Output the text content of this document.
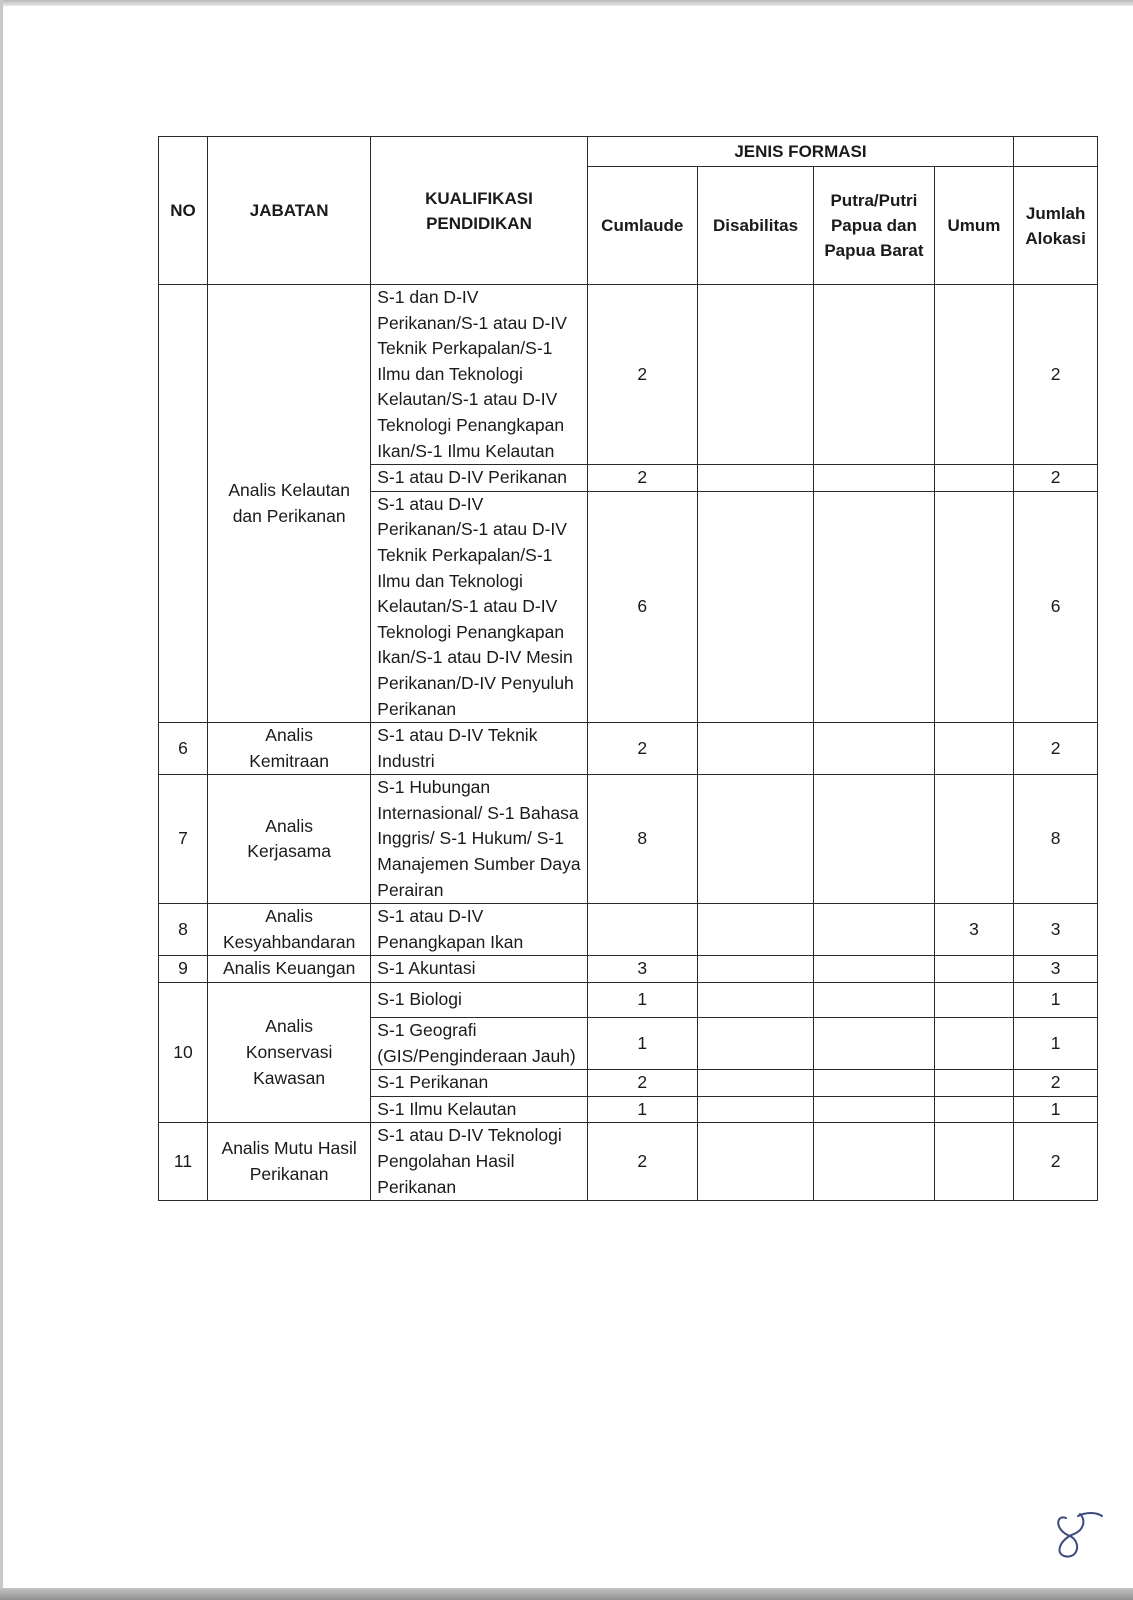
NO	JABATAN	KUALIFIKASI PENDIDIKAN	JENIS FORMASI				
			Cumlaude	Disabilitas	Putra/Putri Papua dan Papua Barat	Umum	Jumlah Alokasi
	Analis Kelautan dan Perikanan	S-1 dan D-IV Perikanan/S-1 atau D-IV Teknik Perkapalan/S-1 Ilmu dan Teknologi Kelautan/S-1 atau D-IV Teknologi Penangkapan Ikan/S-1 Ilmu Kelautan	2				2
		S-1 atau D-IV Perikanan	2				2
		S-1 atau D-IV Perikanan/S-1 atau D-IV Teknik Perkapalan/S-1 Ilmu dan Teknologi Kelautan/S-1 atau D-IV Teknologi Penangkapan Ikan/S-1 atau D-IV Mesin Perikanan/D-IV Penyuluh Perikanan	6				6
6	Analis Kemitraan	S-1 atau D-IV Teknik Industri	2				2
7	Analis Kerjasama	S-1 Hubungan Internasional/ S-1 Bahasa Inggris/ S-1 Hukum/ S-1 Manajemen Sumber Daya Perairan	8				8
8	Analis Kesyahbandaran	S-1 atau D-IV Penangkapan Ikan				3	3
9	Analis Keuangan	S-1 Akuntasi	3				3
10	Analis Konservasi Kawasan	S-1 Biologi	1				1
		S-1 Geografi (GIS/Penginderaan Jauh)	1				1
		S-1 Perikanan	2				2
		S-1 Ilmu Kelautan	1				1
11	Analis Mutu Hasil Perikanan	S-1 atau D-IV Teknologi Pengolahan Hasil Perikanan	2				2
